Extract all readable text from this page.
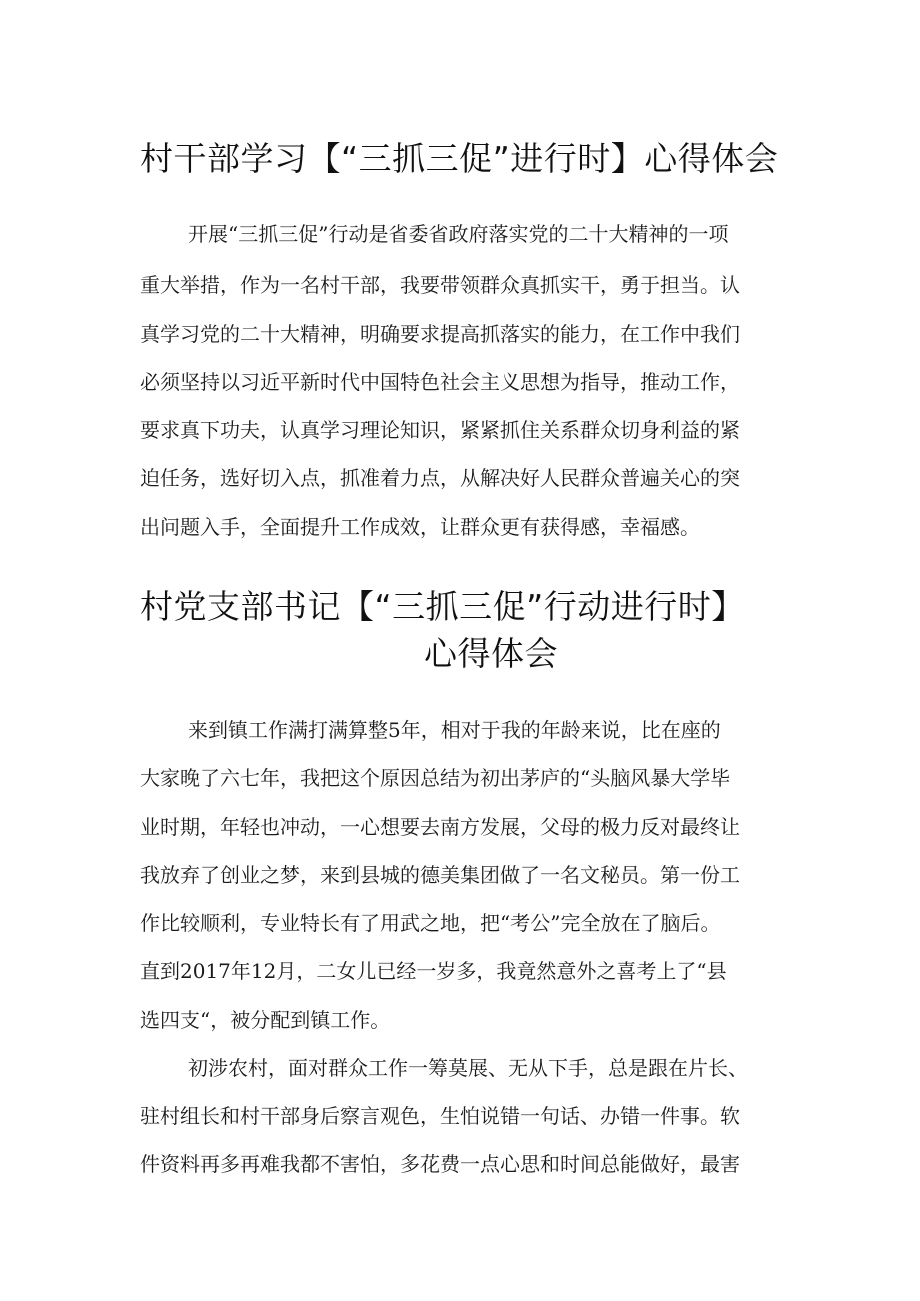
村干部学习【“三抓三促”进行时】心得体会

开展“三抓三促”行动是省委省政府落实党的二十大精神的一项

重大举措，作为一名村干部，我要带领群众真抓实干，勇于担当。认

真学习党的二十大精神，明确要求提高抓落实的能力，在工作中我们

必须坚持以习近平新时代中国特色社会主义思想为指导，推动工作，

要求真下功夫，认真学习理论知识，紧紧抓住关系群众切身利益的紧

迫任务，选好切入点，抓准着力点，从解决好人民群众普遍关心的突

出问题入手，全面提升工作成效，让群众更有获得感，幸福感。

村党支部书记【“三抓三促”行动进行时】
心得体会

来到镇工作满打满算整5年，相对于我的年龄来说，比在座的

大家晚了六七年，我把这个原因总结为初出茅庐的“头脑风暴大学毕

业时期，年轻也冲动，一心想要去南方发展，父母的极力反对最终让

我放弃了创业之梦，来到县城的德美集团做了一名文秘员。第一份工

作比较顺利，专业特长有了用武之地，把“考公”完全放在了脑后。

直到2017年12月，二女儿已经一岁多，我竟然意外之喜考上了“县

选四支“，被分配到镇工作。

初涉农村，面对群众工作一筹莫展、无从下手，总是跟在片长、

驻村组长和村干部身后察言观色，生怕说错一句话、办错一件事。软

件资料再多再难我都不害怕，多花费一点心思和时间总能做好，最害
